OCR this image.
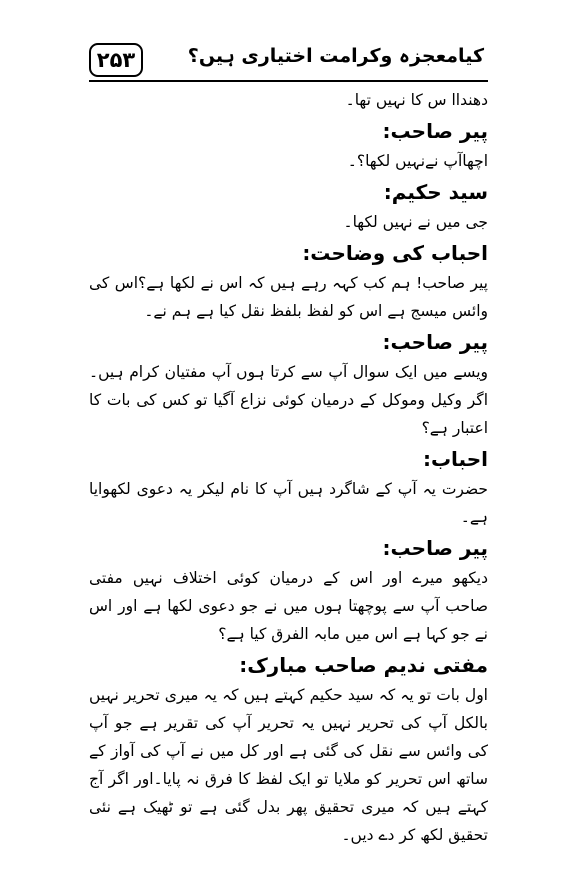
۲۵۳	کیامعجزہ وکرامت اختیاری ہیں؟

دھنداا س کا نہیں تھا۔

پیر صاحب:

اچھاآپ نےنہیں لکھا؟۔

سید حکیم:

جی میں نے نہیں لکھا۔

احباب کی وضاحت:

پیر صاحب! ہم کب کہہ رہے ہیں کہ اس نے لکھا ہے؟اس کی وائس میسج ہے اس کو لفظ بلفظ نقل کیا ہے ہم نے۔

پیر صاحب:

ویسے میں ایک سوال آپ سے کرتا ہوں آپ مفتیان کرام ہیں۔اگر وکیل وموکل کے درمیان کوئی نزاع آگیا تو کس کی بات کا اعتبار ہے؟

احباب:

حضرت یہ آپ کے شاگرد ہیں آپ کا نام لیکر یہ دعوی لکھوایا ہے۔

پیر صاحب:

دیکھو میرے اور اس کے درمیان کوئی اختلاف نہیں مفتی صاحب آپ سے پوچھتا ہوں میں نے جو دعوی لکھا ہے اور اس نے جو کہا ہے اس میں مابہ الفرق کیا ہے؟

مفتی ندیم صاحب مبارک:

اول بات تو یہ کہ سید حکیم کہتے ہیں کہ یہ میری تحریر نہیں بالکل آپ کی تحریر نہیں یہ تحریر آپ کی تقریر ہے جو آپ کی وائس سے نقل کی گئی ہے اور کل میں نے آپ کی آواز کے ساتھ اس تحریر کو ملایا تو ایک لفظ کا فرق نہ پایا۔اور اگر آج کہتے ہیں کہ میری تحقیق پھر بدل گئی ہے تو ٹھیک ہے نئی تحقیق لکھ کر دے دیں۔
